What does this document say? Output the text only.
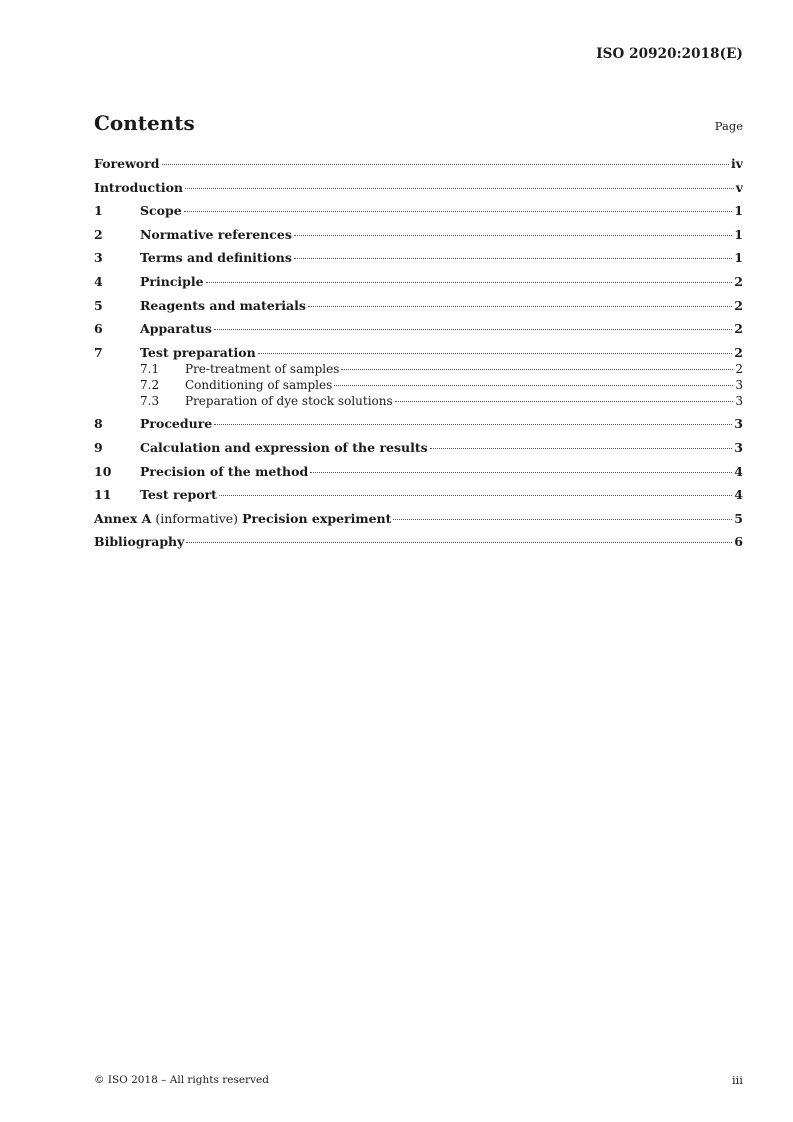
ISO 20920:2018(E)
Contents	Page
Foreword	iv
Introduction	v
1	Scope	1
2	Normative references	1
3	Terms and definitions	1
4	Principle	2
5	Reagents and materials	2
6	Apparatus	2
7	Test preparation	2
7.1	Pre-treatment of samples	2
7.2	Conditioning of samples	3
7.3	Preparation of dye stock solutions	3
8	Procedure	3
9	Calculation and expression of the results	3
10	Precision of the method	4
11	Test report	4
Annex A (informative) Precision experiment	5
Bibliography	6
© ISO 2018 – All rights reserved	iii
